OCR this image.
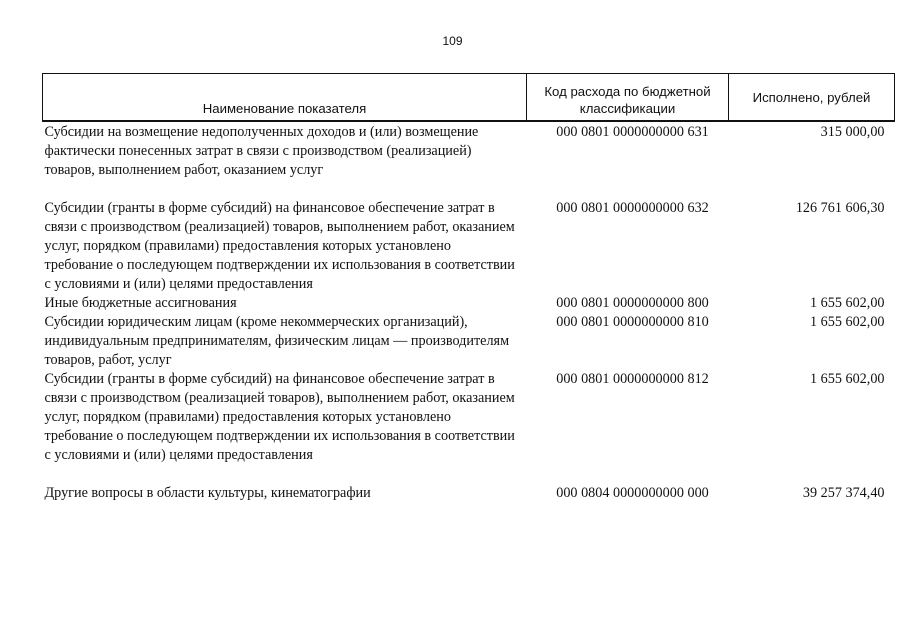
109
Наименование показателя	Код расхода по бюджетной классификации	Исполнено, рублей
Субсидии на возмещение недополученных доходов и (или) возмещение фактически понесенных затрат в связи с производством (реализацией) товаров, выполнением работ, оказанием услуг	000 0801 0000000000 631	315 000,00
Субсидии (гранты в форме субсидий) на финансовое обеспечение затрат в связи с производством (реализацией) товаров, выполнением работ, оказанием услуг, порядком (правилами) предоставления которых установлено требование о последующем подтверждении их использования в соответствии с условиями и (или) целями предоставления	000 0801 0000000000 632	126 761 606,30
Иные бюджетные ассигнования	000 0801 0000000000 800	1 655 602,00
Субсидии юридическим лицам (кроме некоммерческих организаций), индивидуальным предпринимателям, физическим лицам — производителям товаров, работ, услуг	000 0801 0000000000 810	1 655 602,00
Субсидии (гранты в форме субсидий) на финансовое обеспечение затрат в связи с производством (реализацией товаров), выполнением работ, оказанием услуг, порядком (правилами) предоставления которых установлено требование о последующем подтверждении их использования в соответствии с условиями и (или) целями предоставления	000 0801 0000000000 812	1 655 602,00
Другие вопросы в области культуры, кинематографии	000 0804 0000000000 000	39 257 374,40
